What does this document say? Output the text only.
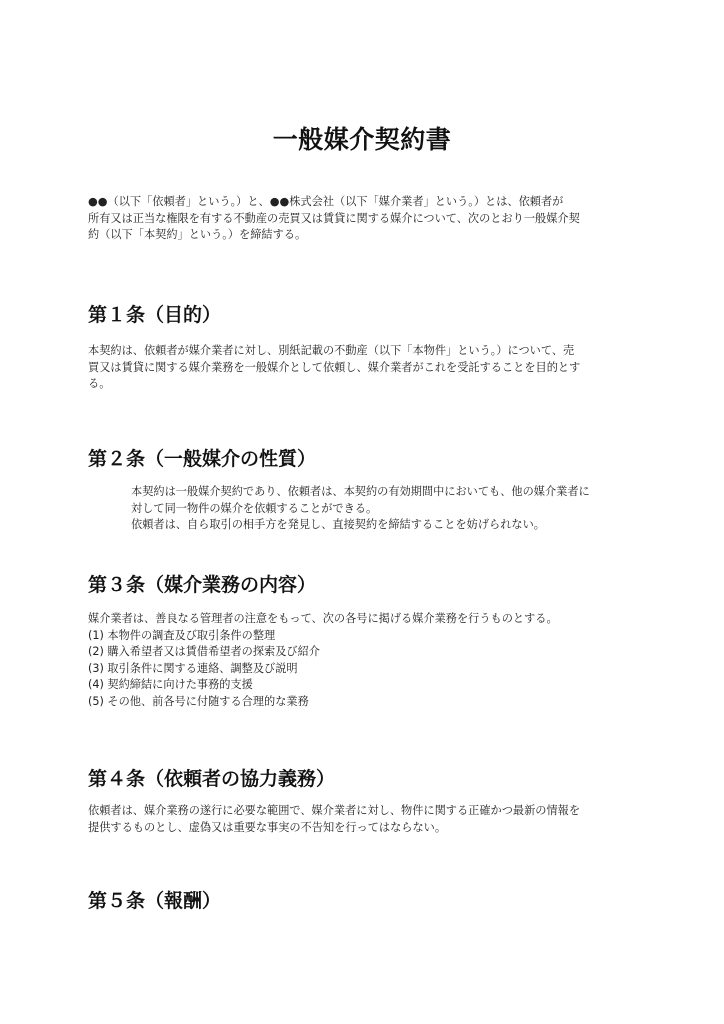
一般媒介契約書
●●（以下「依頼者」という。）と、●●株式会社（以下「媒介業者」という。）とは、依頼者が
所有又は正当な権限を有する不動産の売買又は賃貸に関する媒介について、次のとおり一般媒介契
約（以下「本契約」という。）を締結する。
第１条（目的）
本契約は、依頼者が媒介業者に対し、別紙記載の不動産（以下「本物件」という。）について、売
買又は賃貸に関する媒介業務を一般媒介として依頼し、媒介業者がこれを受託することを目的とす
る。
第２条（一般媒介の性質）
本契約は一般媒介契約であり、依頼者は、本契約の有効期間中においても、他の媒介業者に
対して同一物件の媒介を依頼することができる。
依頼者は、自ら取引の相手方を発見し、直接契約を締結することを妨げられない。
第３条（媒介業務の内容）
媒介業者は、善良なる管理者の注意をもって、次の各号に掲げる媒介業務を行うものとする。
(1) 本物件の調査及び取引条件の整理
(2) 購入希望者又は賃借希望者の探索及び紹介
(3) 取引条件に関する連絡、調整及び説明
(4) 契約締結に向けた事務的支援
(5) その他、前各号に付随する合理的な業務
第４条（依頼者の協力義務）
依頼者は、媒介業務の遂行に必要な範囲で、媒介業者に対し、物件に関する正確かつ最新の情報を
提供するものとし、虚偽又は重要な事実の不告知を行ってはならない。
第５条（報酬）
